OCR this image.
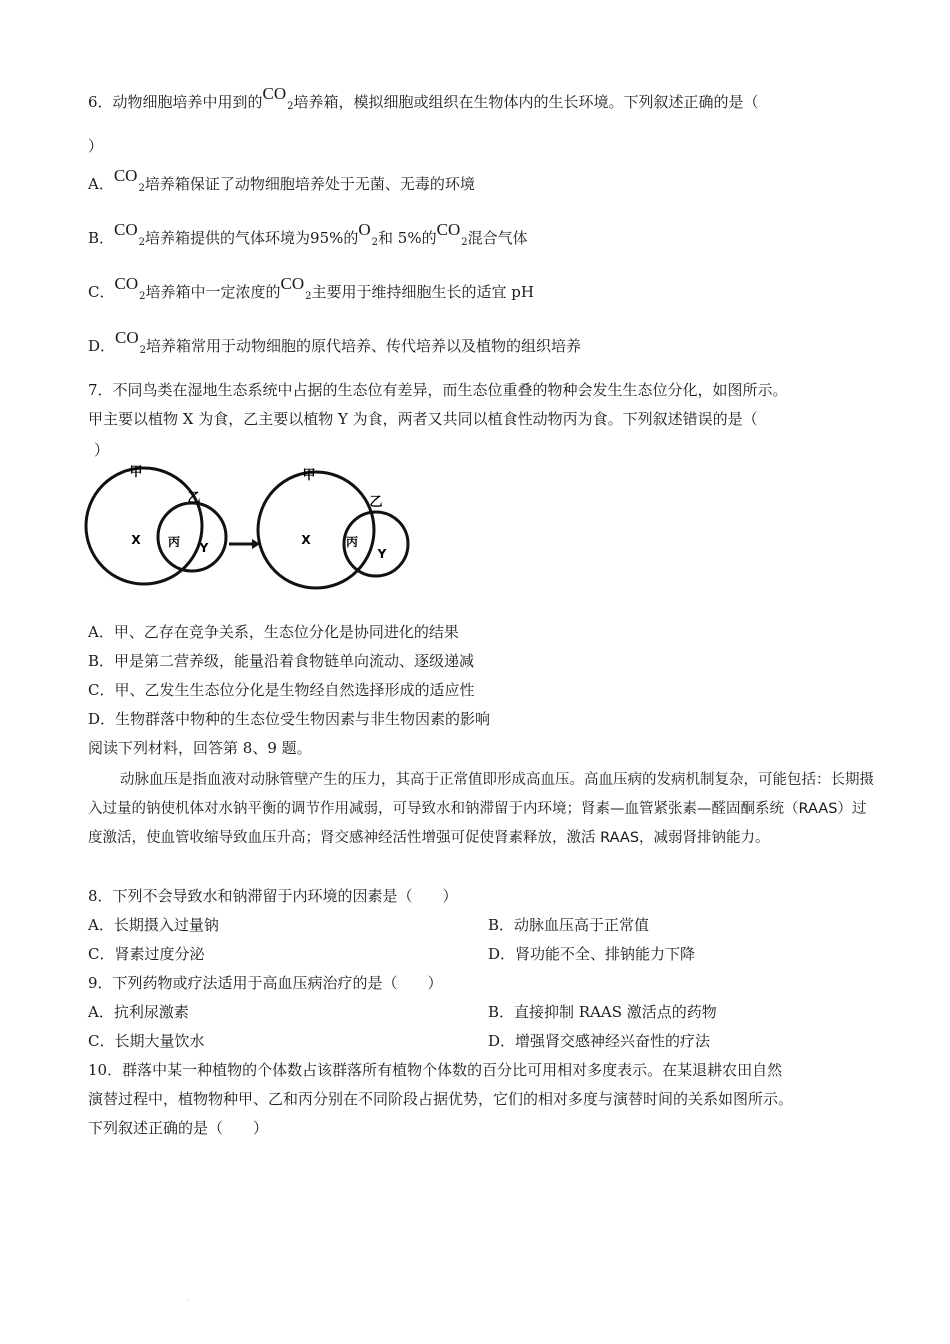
6．动物细胞培养中用到的CO2培养箱，模拟细胞或组织在生物体内的生长环境。下列叙述正确的是（
）
A．CO2培养箱保证了动物细胞培养处于无菌、无毒的环境
B．CO2培养箱提供的气体环境为95%的O2和 5%的CO2混合气体
C．CO2培养箱中一定浓度的CO2主要用于维持细胞生长的适宜 pH
D．CO2培养箱常用于动物细胞的原代培养、传代培养以及植物的组织培养
7．不同鸟类在湿地生态系统中占据的生态位有差异，而生态位重叠的物种会发生生态位分化，如图所示。
甲主要以植物 X 为食，乙主要以植物 Y 为食，两者又共同以植食性动物丙为食。下列叙述错误的是（
）
甲
乙
X 丙 Y
甲
乙
X	丙
Y
A．甲、乙存在竞争关系，生态位分化是协同进化的结果
B．甲是第二营养级，能量沿着食物链单向流动、逐级递减
C．甲、乙发生生态位分化是生物经自然选择形成的适应性
D．生物群落中物种的生态位受生物因素与非生物因素的影响
阅读下列材料，回答第 8、9 题。
动脉血压是指血液对动脉管壁产生的压力，其高于正常值即形成高血压。高血压病的发病机制复杂，可能包括：长期摄入过量的钠使机体对水钠平衡的调节作用减弱，可导致水和钠滞留于内环境；肾素—血管紧张素—醛固酮系统（RAAS）过度激活，使血管收缩导致血压升高；肾交感神经活性增强可促使肾素释放，激活 RAAS，减弱肾排钠能力。
8．下列不会导致水和钠滞留于内环境的因素是（　　）
A．长期摄入过量钠	B．动脉血压高于正常值
C．肾素过度分泌	D．肾功能不全、排钠能力下降
9．下列药物或疗法适用于高血压病治疗的是（　　）
A．抗利尿激素	B．直接抑制 RAAS 激活点的药物
C．长期大量饮水	D．增强肾交感神经兴奋性的疗法
10．群落中某一种植物的个体数占该群落所有植物个体数的百分比可用相对多度表示。在某退耕农田自然
演替过程中，植物物种甲、乙和丙分别在不同阶段占据优势，它们的相对多度与演替时间的关系如图所示。
下列叙述正确的是（　　）
.
